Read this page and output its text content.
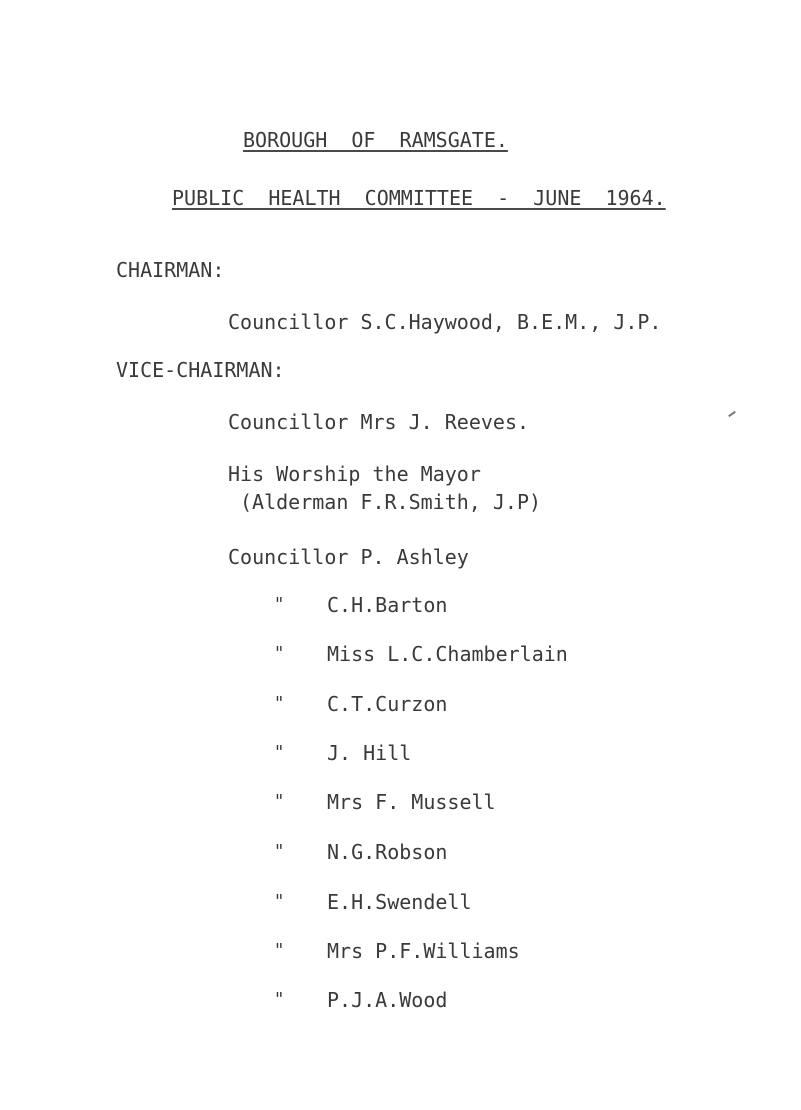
BOROUGH  OF  RAMSGATE.
PUBLIC  HEALTH  COMMITTEE  -  JUNE  1964.
CHAIRMAN:
Councillor S.C.Haywood, B.E.M., J.P.
VICE-CHAIRMAN:
Councillor Mrs J. Reeves.
His Worship the Mayor
(Alderman F.R.Smith, J.P)
Councillor P. Ashley
" C.H.Barton
" Miss L.C.Chamberlain
" C.T.Curzon
" J. Hill
" Mrs F. Mussell
" N.G.Robson
" E.H.Swendell
" Mrs P.F.Williams
" P.J.A.Wood
